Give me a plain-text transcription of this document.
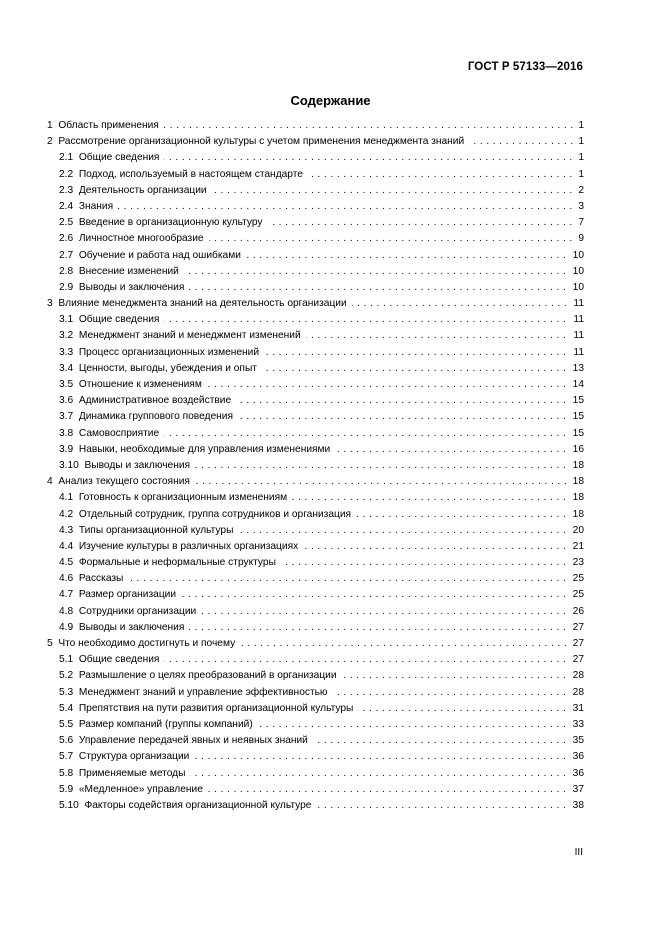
ГОСТ Р 57133—2016
Содержание
1 Область применения	1
. . .
2 Рассмотрение организационной культуры с учетом применения менеджмента знаний	1
. . .
2.1 Общие сведения	1
. . .
2.2 Подход, используемый в настоящем стандарте	1
. . .
2.3 Деятельность организации	2
. . .
2.4 Знания	3
. . .
2.5 Введение в организационную культуру	7
. . .
2.6 Личностное многообразие	9
. . .
2.7 Обучение и работа над ошибками	10
. . .
2.8 Внесение изменений	10
. . .
2.9 Выводы и заключения	10
. . .
3 Влияние менеджмента знаний на деятельность организации	11
. . .
3.1 Общие сведения	11
. . .
3.2 Менеджмент знаний и менеджмент изменений	11
. . .
3.3 Процесс организационных изменений	11
. . .
3.4 Ценности, выгоды, убеждения и опыт	13
. . .
3.5 Отношение к изменениям	14
. . .
3.6 Административное воздействие	15
. . .
3.7 Динамика группового поведения	15
. . .
3.8 Самовосприятие	15
. . .
3.9 Навыки, необходимые для управления изменениями	16
. . .
3.10 Выводы и заключения	18
. . .
4 Анализ текущего состояния	18
. . .
4.1 Готовность к организационным изменениям	18
. . .
4.2 Отдельный сотрудник, группа сотрудников и организация	18
. . .
4.3 Типы организационной культуры	20
. . .
4.4 Изучение культуры в различных организациях	21
. . .
4.5 Формальные и неформальные структуры	23
. . .
4.6 Рассказы	25
. . .
4.7 Размер организации	25
. . .
4.8 Сотрудники организации	26
. . .
4.9 Выводы и заключения	27
. . .
5 Что необходимо достигнуть и почему	27
. . .
5.1 Общие сведения	27
. . .
5.2 Размышление о целях преобразований в организации	28
. . .
5.3 Менеджмент знаний и управление эффективностью	28
. . .
5.4 Препятствия на пути развития организационной культуры	31
. . .
5.5 Размер компаний (группы компаний)	33
. . .
5.6 Управление передачей явных и неявных знаний	35
. . .
5.7 Структура организации	36
. . .
5.8 Применяемые методы	36
. . .
5.9 «Медленное» управление	37
. . .
5.10 Факторы содействия организационной культуре	38
. . .
III
